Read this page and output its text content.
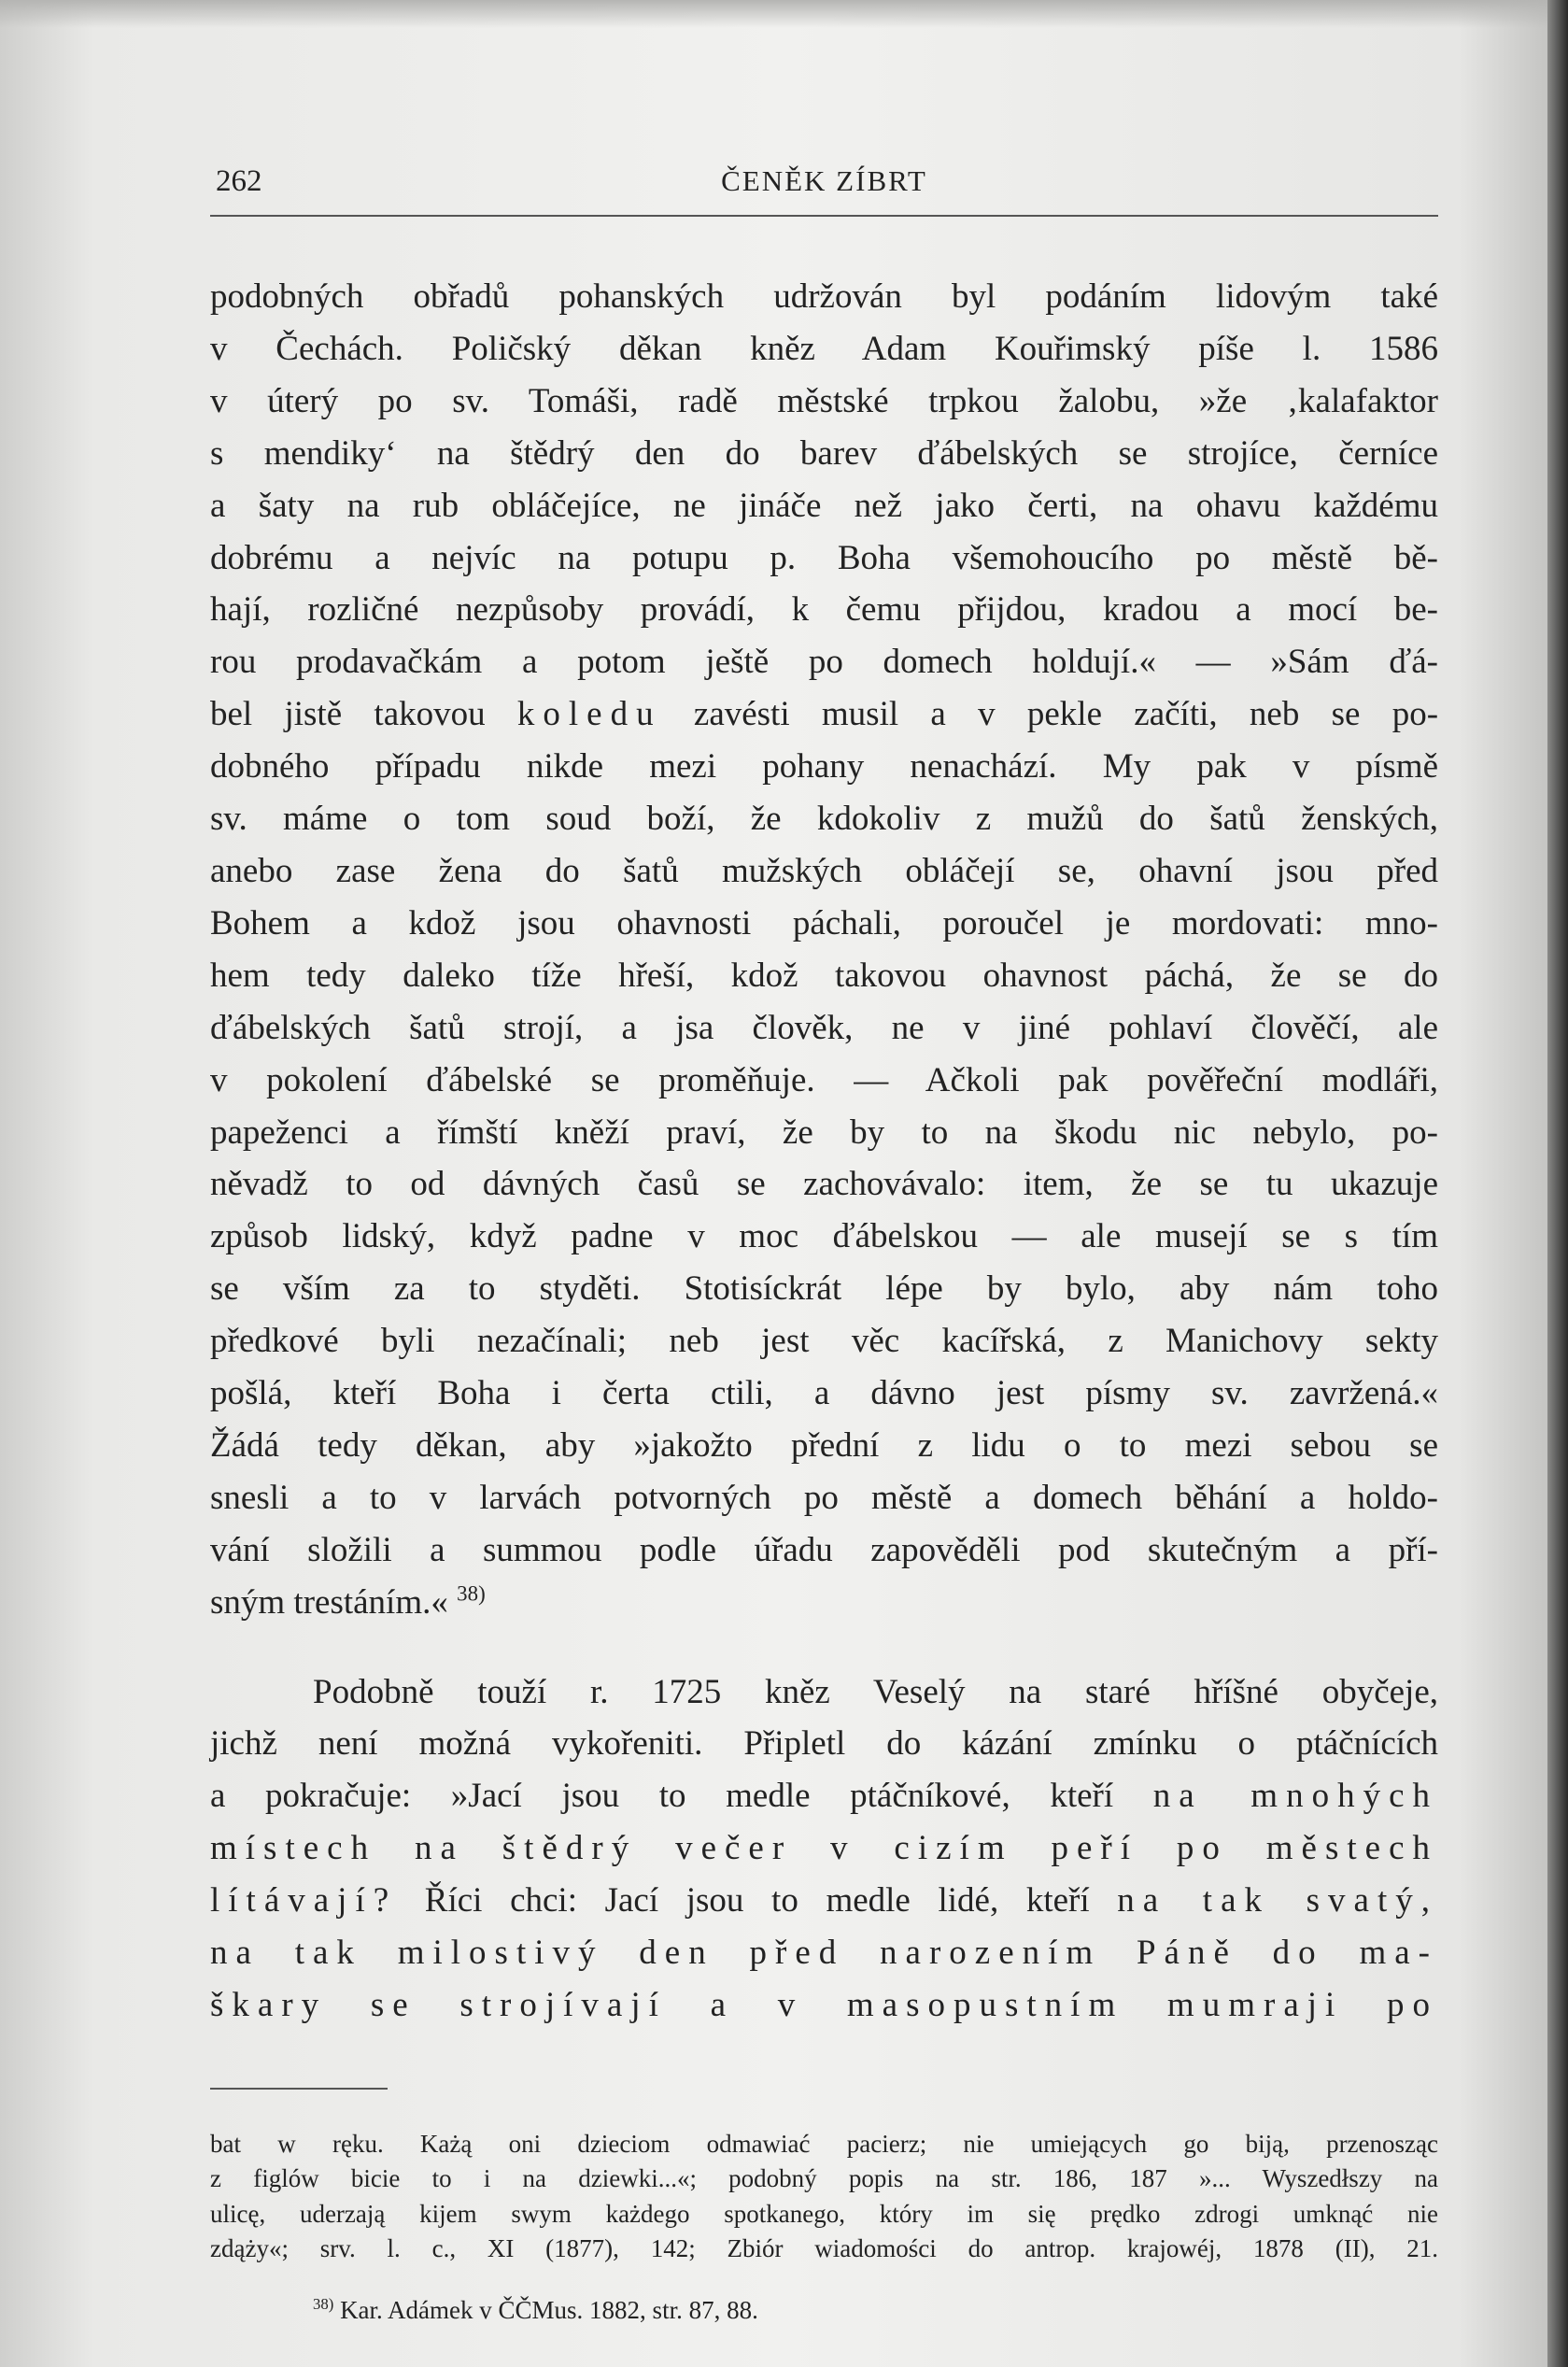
262	ČENĚK ZÍBRT
podobných obřadů pohanských udržován byl podáním lidovým také
v Čechách. Poličský děkan kněz Adam Kouřimský píše l. 1586
v úterý po sv. Tomáši, radě městské trpkou žalobu, »že ‚kalafaktor
s mendiky‘ na štědrý den do barev ďábelských se strojíce, černíce
a šaty na rub obláčejíce, ne jináče než jako čerti, na ohavu každému
dobrému a nejvíc na potupu p. Boha všemohoucího po městě bě-
hají, rozličné nezpůsoby provádí, k čemu přijdou, kradou a mocí be-
rou prodavačkám a potom ještě po domech holdují.« — »Sám ďá-
bel jistě takovou koledu zavésti musil a v pekle začíti, neb se po-
dobného případu nikde mezi pohany nenachází. My pak v písmě
sv. máme o tom soud boží, že kdokoliv z mužů do šatů ženských,
anebo zase žena do šatů mužských obláčejí se, ohavní jsou před
Bohem a kdož jsou ohavnosti páchali, poroučel je mordovati: mno-
hem tedy daleko tíže hřeší, kdož takovou ohavnost páchá, že se do
ďábelských šatů strojí, a jsa člověk, ne v jiné pohlaví člověčí, ale
v pokolení ďábelské se proměňuje. — Ačkoli pak pověřeční modláři,
papeženci a římští kněží praví, že by to na škodu nic nebylo, po-
něvadž to od dávných časů se zachovávalo: item, že se tu ukazuje
způsob lidský, když padne v moc ďábelskou — ale musejí se s tím
se vším za to styděti. Stotisíckrát lépe by bylo, aby nám toho
předkové byli nezačínali; neb jest věc kacířská, z Manichovy sekty
pošlá, kteří Boha i čerta ctili, a dávno jest písmy sv. zavržená.«
Žádá tedy děkan, aby »jakožto přední z lidu o to mezi sebou se
snesli a to v larvách potvorných po městě a domech běhání a holdo-
vání složili a summou podle úřadu zapověděli pod skutečným a pří-
sným trestáním.« $^{38)}$
Podobně touží r. 1725 kněz Veselý na staré hříšné obyčeje,
jichž není možná vykořeniti. Připletl do kázání zmínku o ptáčnících
a pokračuje: »Jací jsou to medle ptáčníkové, kteří na mnohých
místech na štědrý večer v cizím peří po městech
lítávají? Říci chci: Jací jsou to medle lidé, kteří na tak svatý,
na tak milostivý den před narozením Páně do ma-
škary se strojívají a v masopustním mumraji po
bat w ręku. Każą oni dzieciom odmawiać pacierz; nie umiejących go biją, przenosząc
z figlów bicie to i na dziewki...«; podobný popis na str. 186, 187 »... Wyszedłszy na
ulicę, uderzają kijem swym każdego spotkanego, który im się prędko zdrogi umknąć nie
zdąży«; srv. l. c., XI (1877), 142; Zbiór wiadomości do antrop. krajowéj, 1878 (II), 21.
$^{38)}$ Kar. Adámek v ČČMus. 1882, str. 87, 88.
